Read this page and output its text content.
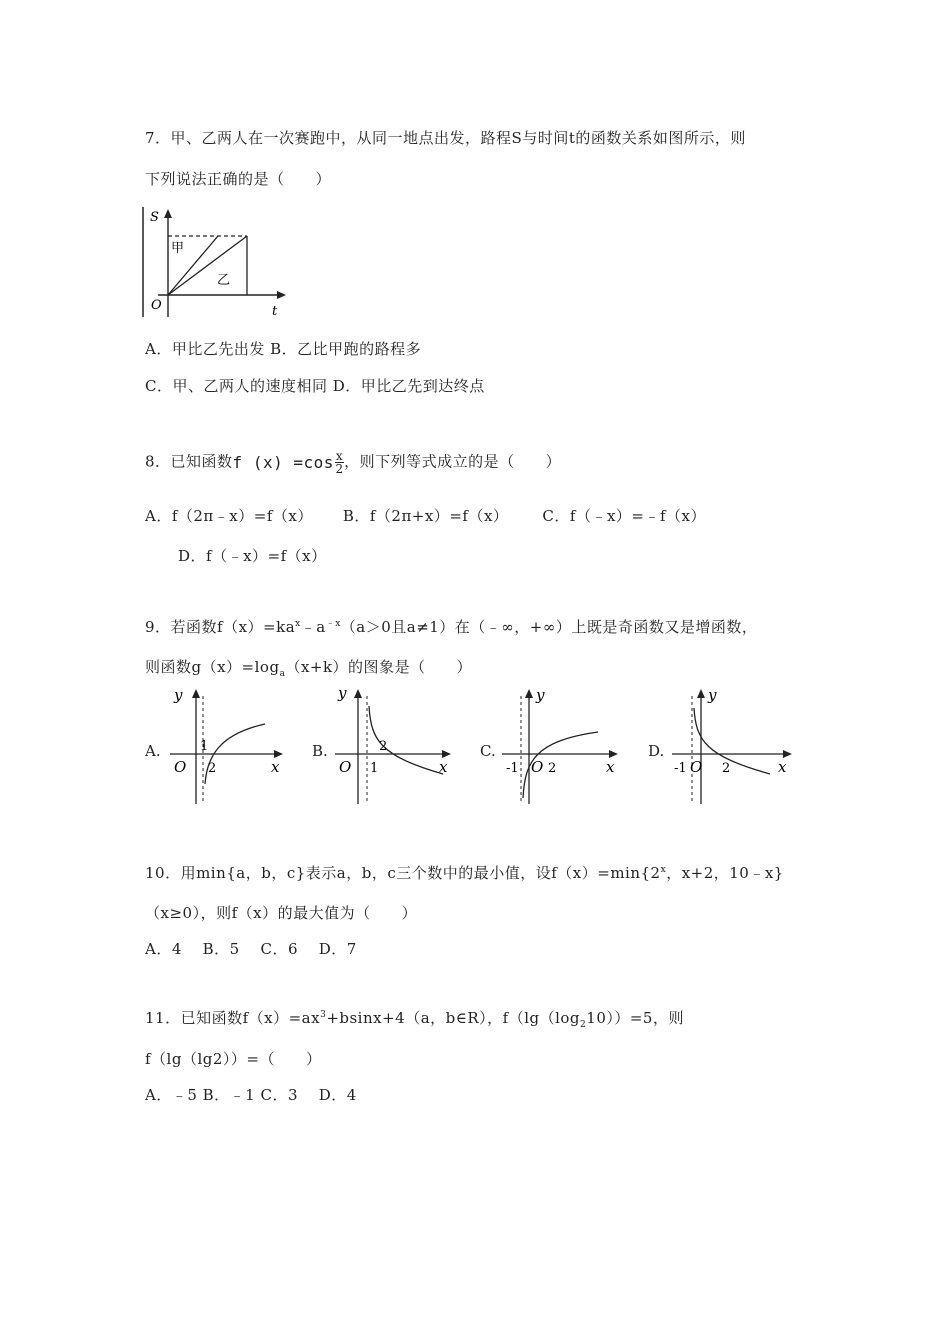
7．甲、乙两人在一次赛跑中，从同一地点出发，路程S与时间t的函数关系如图所示，则
下列说法正确的是（　　）
S
t
O
甲
乙
A．甲比乙先出发 B．乙比甲跑的路程多
C．甲、乙两人的速度相同 D．甲比乙先到达终点
8．已知函数f $(x) =\cos \frac{x}{2}$ ，则下列等式成立的是（　　）
A．f（2π﹣x）=f（x） B．f（2π+x）=f（x） C．f（﹣x）=﹣f（x）
D．f（﹣x）=f（x）
9．若函数$f(x)=ka^x﹣a^{﹣x}(a>0$且a≠1）在（﹣∞，+∞）上既是奇函数又是增函数，
则函数$g(x)=\log_a(x+k)$的图象是（　　）
A.
y
x
O
1
2
B.
y
x
O 1
2	C.
y
x
O
-1 2
D.
y
x
O
-1	2
10．用min{a，b，c}表示a，b，c三个数中的最小值，设$f(x)=\min\{2^x$，x+2，10﹣x}
（x≥0），则f（x）的最大值为（　　）
A．4　 B．5　 C．6　 D．7
11．已知函数$f(x)=ax^3+bsinx+4(a$，b∈R），$f(\lg(\log_210))=5$，则
f（lg（lg2））=（　　）
A．﹣5 B．﹣1 C．3　 D．4
